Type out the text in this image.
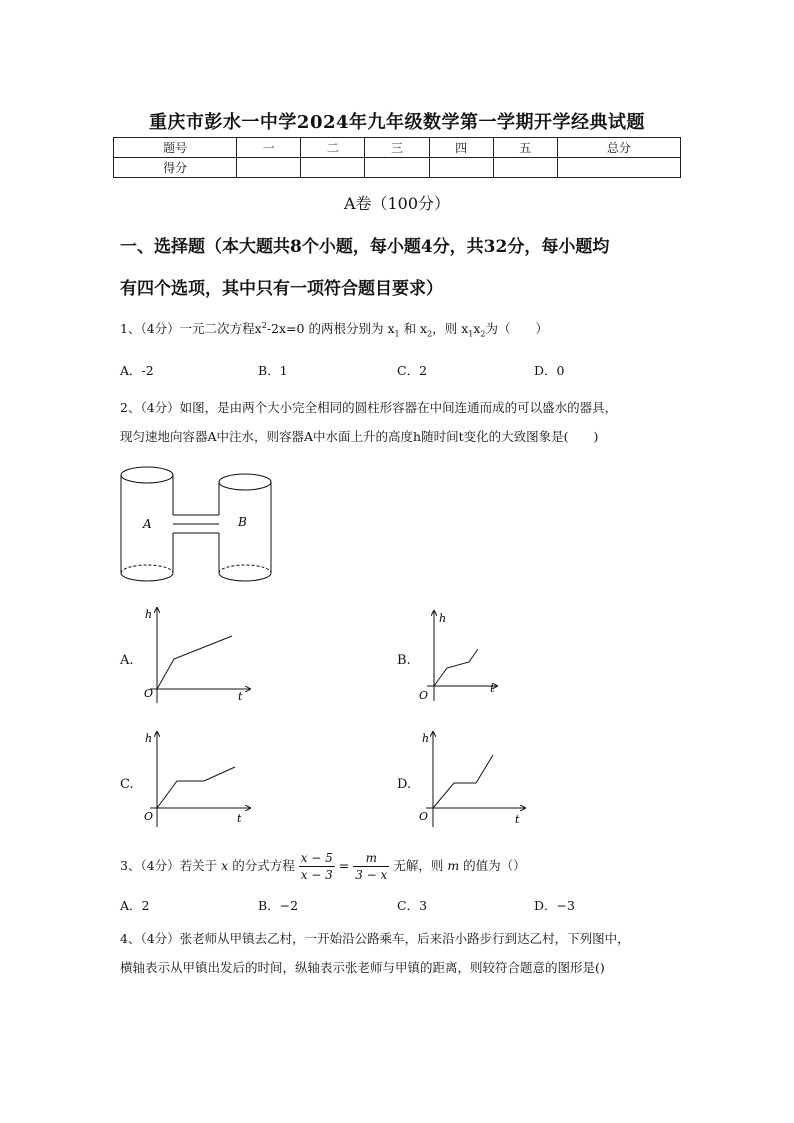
重庆市彭水一中学2024年九年级数学第一学期开学经典试题
题号	一	二	三	四	五	总分
得分						
A卷（100分）
一、选择题（本大题共8个小题，每小题4分，共32分，每小题均
有四个选项，其中只有一项符合题目要求）
1、（4分）一元二次方程$x^2-2x=0$ 的两根分别为 $x_1$ 和 $x_2$，则 $x_1x_2$为（　　）
A．-2	B．1	C．2	D．0
2、（4分）如图，是由两个大小完全相同的圆柱形容器在中间连通而成的可以盛水的器具，
现匀速地向容器A中注水，则容器A中水面上升的高度h随时间t变化的大致图象是(　　)
A	B
A.
h
t
O
B.
h
t
O
C.
h
t
O
D.
h
t
O
3、（4分）若关于 x 的分式方程 $\frac{x - 5}{x - 3} = \frac{m}{3 - x}$ 无解，则 m 的值为（）
A．2	B．−2	C．3	D．−3
4、（4分）张老师从甲镇去乙村，一开始沿公路乘车，后来沿小路步行到达乙村，下列图中，
横轴表示从甲镇出发后的时间，纵轴表示张老师与甲镇的距离，则较符合题意的图形是()
